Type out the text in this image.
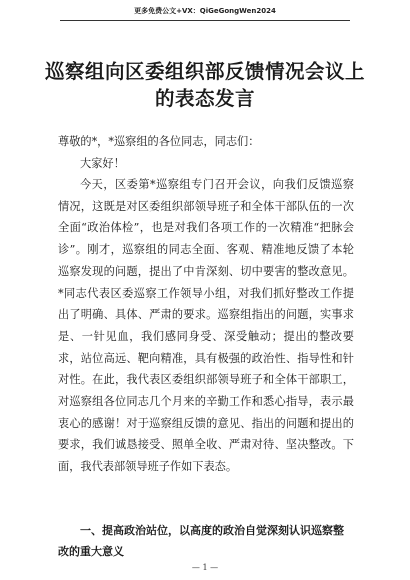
更多免费公文+VX：QiGeGongWen2024
巡察组向区委组织部反馈情况会议上的表态发言

尊敬的*，*巡察组的各位同志，同志们：

大家好！

今天，区委第*巡察组专门召开会议，向我们反馈巡察情况，这既是对区委组织部领导班子和全体干部队伍的一次全面“政治体检”，也是对我们各项工作的一次精准“把脉会诊”。刚才，巡察组的同志全面、客观、精准地反馈了本轮巡察发现的问题，提出了中肯深刻、切中要害的整改意见。*同志代表区委巡察工作领导小组，对我们抓好整改工作提出了明确、具体、严肃的要求。巡察组指出的问题，实事求是、一针见血，我们感同身受、深受触动；提出的整改要求，站位高远、靶向精准，具有极强的政治性、指导性和针对性。在此，我代表区委组织部领导班子和全体干部职工，对巡察组各位同志几个月来的辛勤工作和悉心指导，表示最衷心的感谢！对于巡察组反馈的意见、指出的问题和提出的要求，我们诚恳接受、照单全收、严肃对待、坚决整改。下面，我代表部领导班子作如下表态。

一、提高政治站位，以高度的政治自觉深刻认识巡察整改的重大意义

— 1 —
